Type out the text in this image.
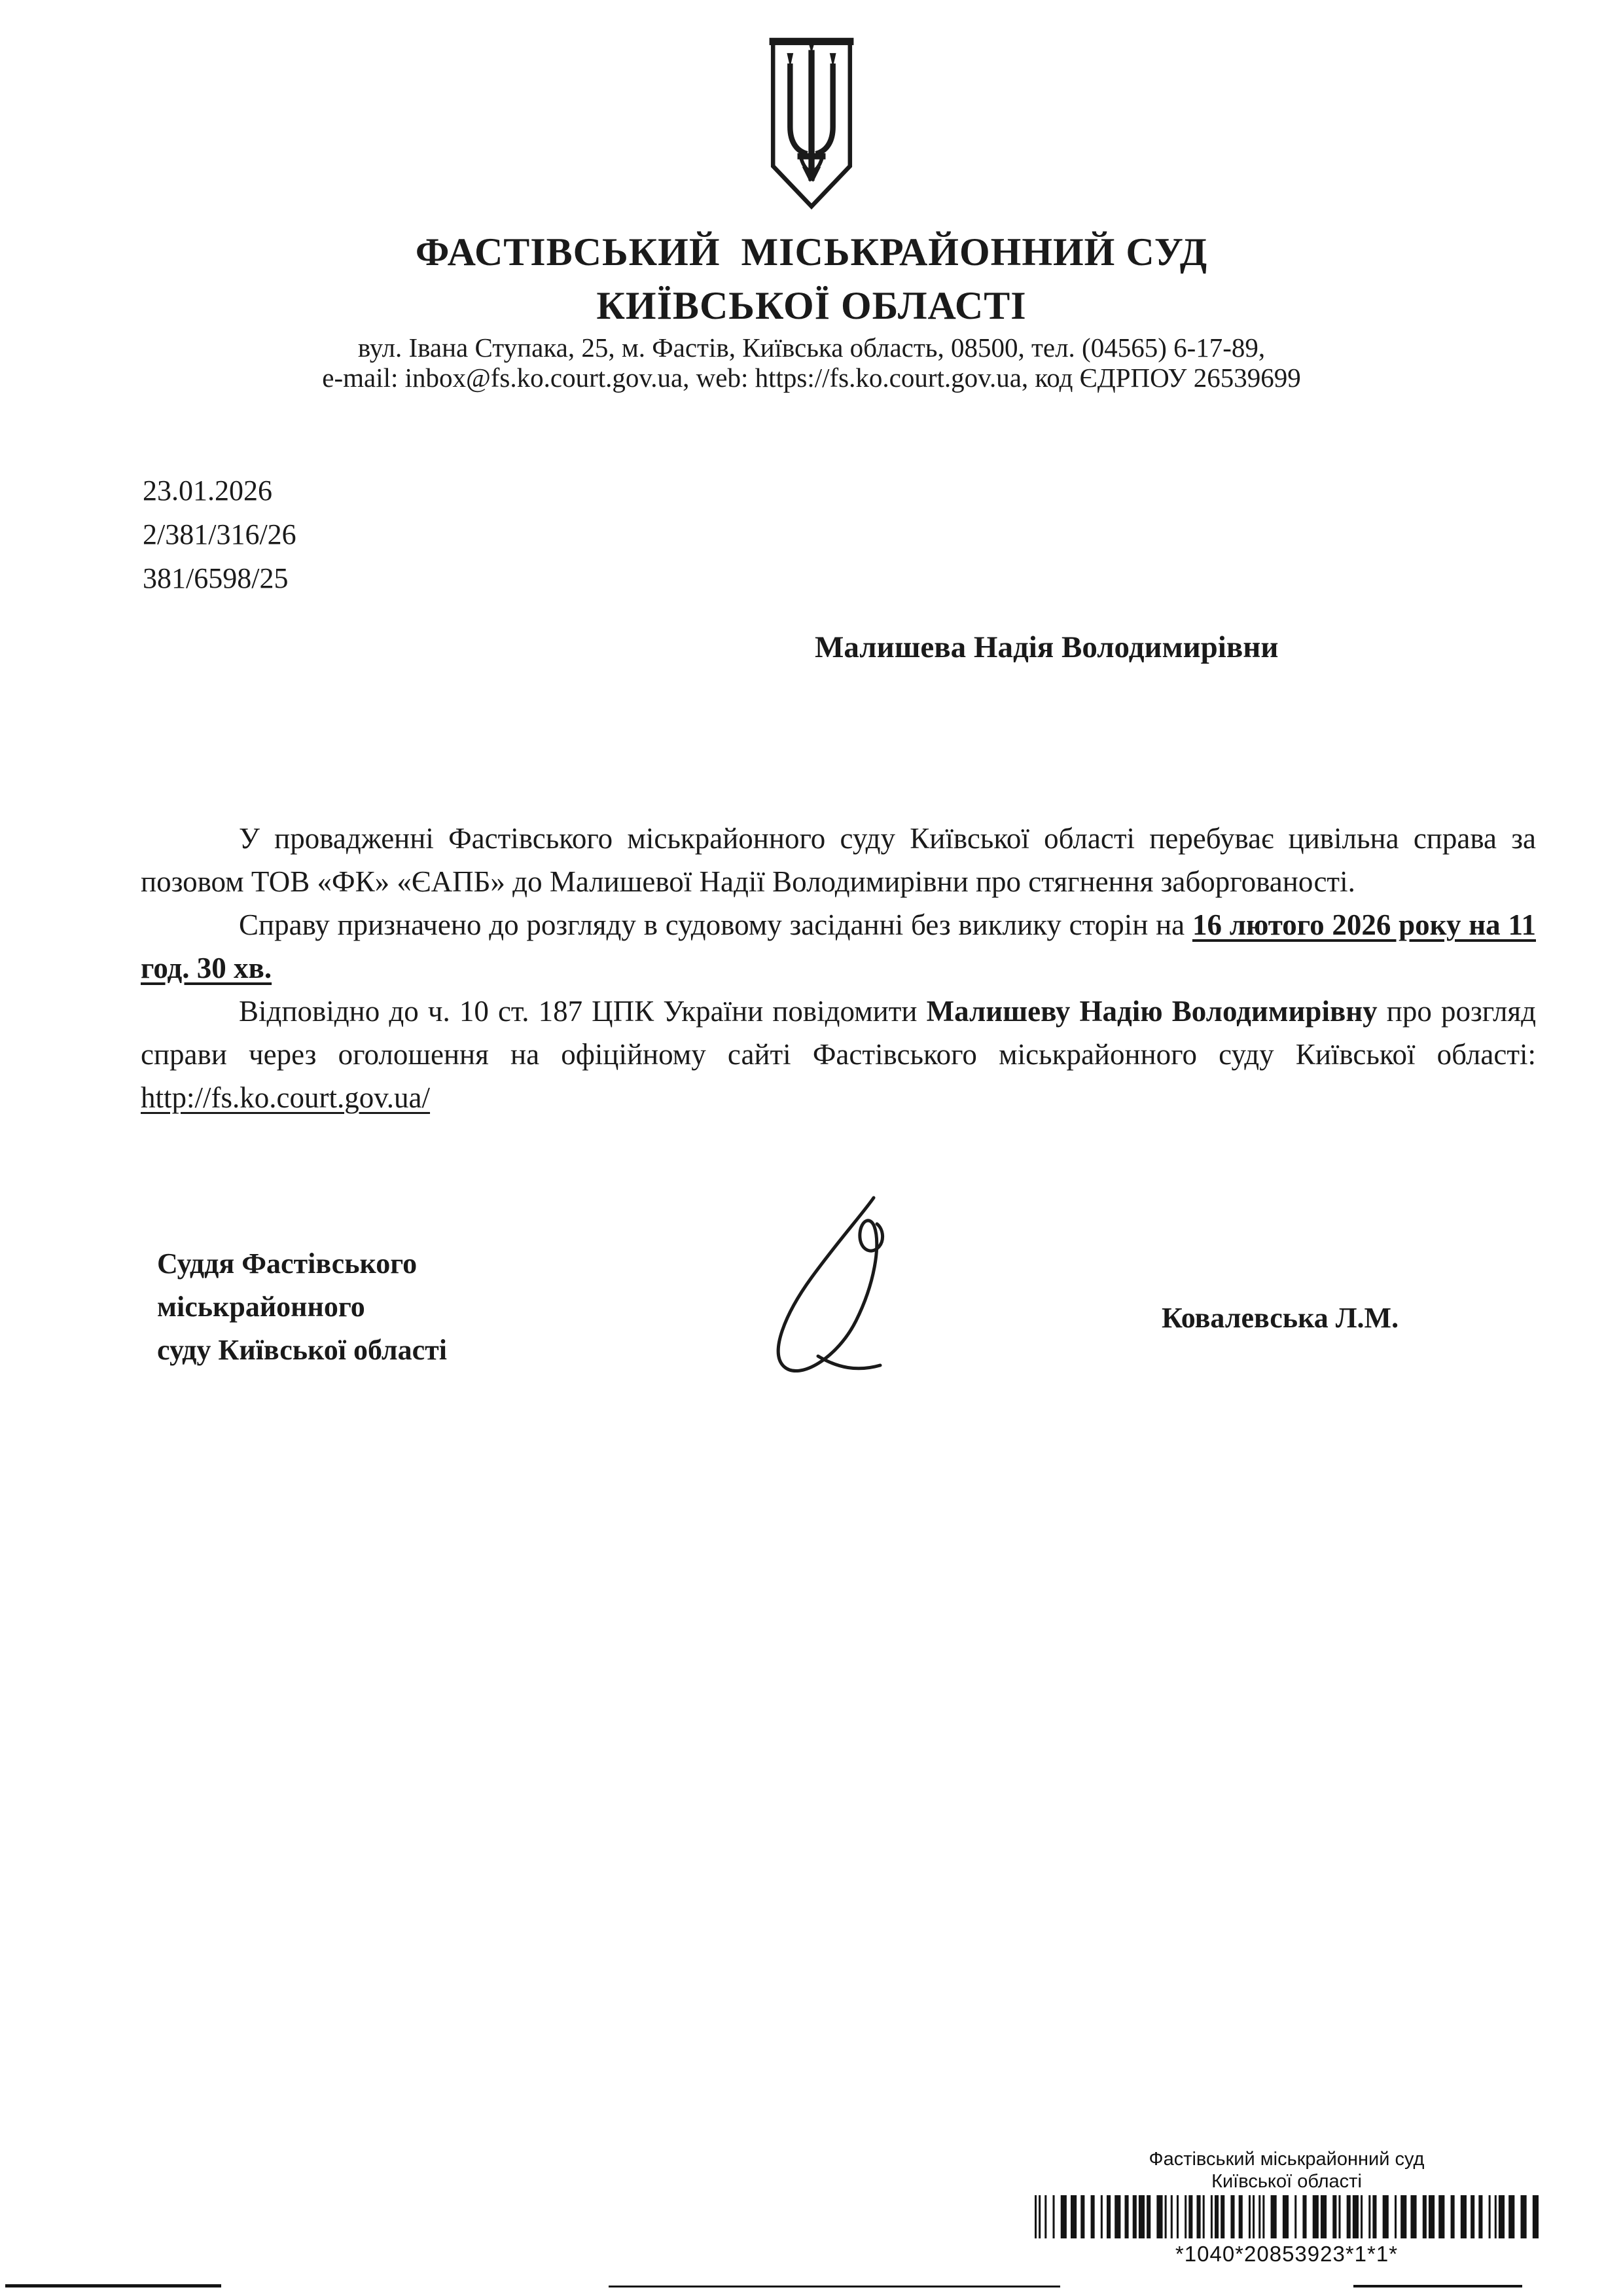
ФАСТІВСЬКИЙ  МІСЬКРАЙОННИЙ СУД
КИЇВСЬКОЇ ОБЛАСТІ
вул. Івана Ступака, 25, м. Фастів, Київська область, 08500, тел. (04565) 6-17-89,
e-mail: inbox@fs.ko.court.gov.ua, web: https://fs.ko.court.gov.ua, код ЄДРПОУ 26539699
23.01.2026
2/381/316/26
381/6598/25
Малишева Надія Володимирівни

У провадженні Фастівського міськрайонного суду Київської області перебуває цивільна справа за позовом ТОВ «ФК» «ЄАПБ» до Малишевої Надії Володимирівни про стягнення заборгованості.

Справу призначено до розгляду в судовому засіданні без виклику сторін на 16 лютого 2026 року на 11 год. 30 хв.

Відповідно до ч. 10 ст. 187 ЦПК України повідомити Малишеву Надію Володимирівну про розгляд справи через оголошення на офіційному сайті Фастівського міськрайонного суду Київської області: http://fs.ko.court.gov.ua/

Суддя Фастівського
міськрайонного
суду Київської області
Ковалевська Л.М.
Фастівський міськрайонний суд
Київської області
*1040*20853923*1*1*
